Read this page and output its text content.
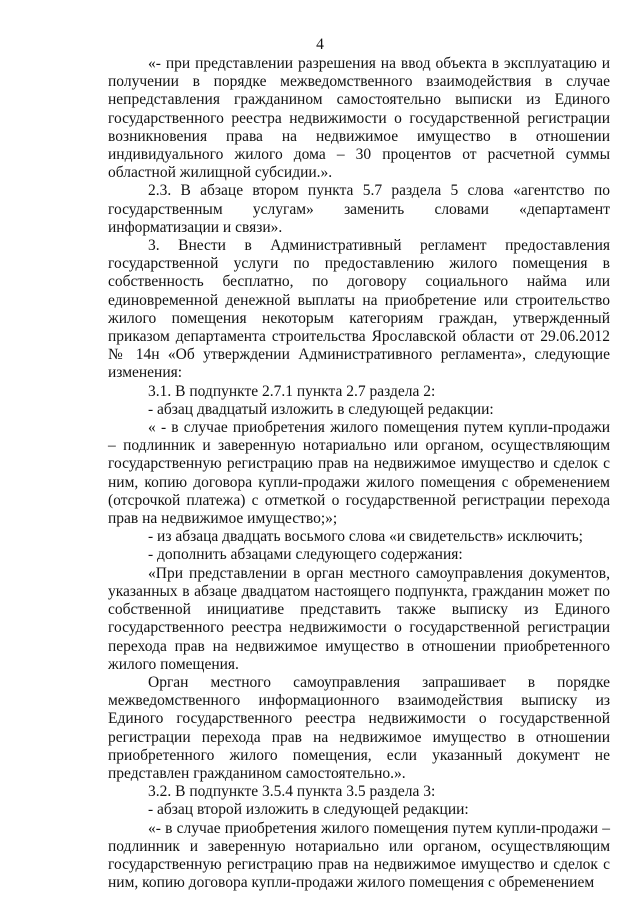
4

«- при представлении разрешения на ввод объекта в эксплуатацию и получении в порядке межведомственного взаимодействия в случае непредставления гражданином самостоятельно выписки из Единого государственного реестра недвижимости о государственной регистрации возникновения права на недвижимое имущество в отношении индивидуального жилого дома – 30 процентов от расчетной суммы областной жилищной субсидии.».

2.3. В абзаце втором пункта 5.7 раздела 5 слова «агентство по государственным услугам» заменить словами «департамент информатизации и связи».

3. Внести в Административный регламент предоставления государственной услуги по предоставлению жилого помещения в собственность бесплатно, по договору социального найма или единовременной денежной выплаты на приобретение или строительство жилого помещения некоторым категориям граждан, утвержденный приказом департамента строительства Ярославской области от 29.06.2012 № 14н «Об утверждении Административного регламента», следующие изменения:

3.1. В подпункте 2.7.1 пункта 2.7 раздела 2:

- абзац двадцатый изложить в следующей редакции:

« - в случае приобретения жилого помещения путем купли-продажи – подлинник и заверенную нотариально или органом, осуществляющим государственную регистрацию прав на недвижимое имущество и сделок с ним, копию договора купли-продажи жилого помещения с обременением (отсрочкой платежа) с отметкой о государственной регистрации перехода прав на недвижимое имущество;»;

- из абзаца двадцать восьмого слова «и свидетельств» исключить;

- дополнить абзацами следующего содержания:

«При представлении в орган местного самоуправления документов, указанных в абзаце двадцатом настоящего подпункта, гражданин может по собственной инициативе представить также выписку из Единого государственного реестра недвижимости о государственной регистрации перехода прав на недвижимое имущество в отношении приобретенного жилого помещения.

Орган местного самоуправления запрашивает в порядке межведомственного информационного взаимодействия выписку из Единого государственного реестра недвижимости о государственной регистрации перехода прав на недвижимое имущество в отношении приобретенного жилого помещения, если указанный документ не представлен гражданином самостоятельно.».

3.2. В подпункте 3.5.4 пункта 3.5 раздела 3:

- абзац второй изложить в следующей редакции:

«- в случае приобретения жилого помещения путем купли-продажи – подлинник и заверенную нотариально или органом, осуществляющим государственную регистрацию прав на недвижимое имущество и сделок с ним, копию договора купли-продажи жилого помещения с обременением
